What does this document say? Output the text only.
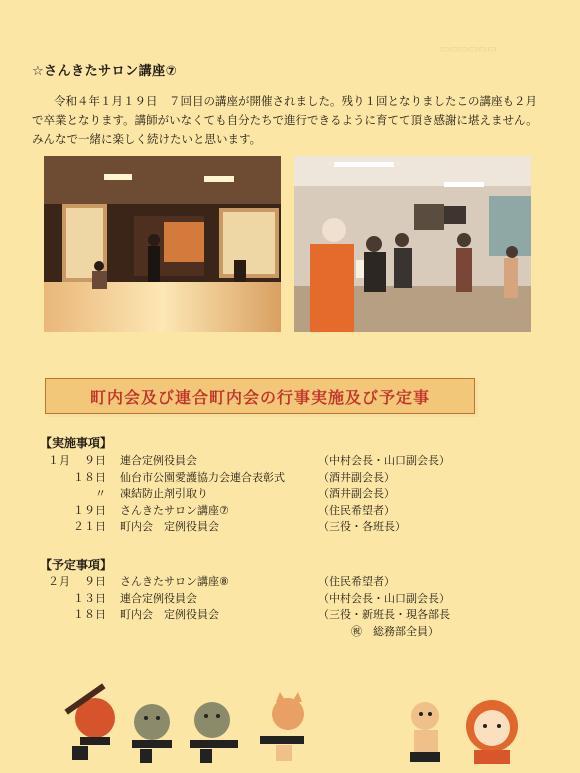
▭▭▭▭▭▭
☆さんきたサロン講座⑦

令和４年１月１９日　７回目の講座が開催されました。残り１回となりましたこの講座も２月で卒業となります。講師がいなくても自分たちで進行できるように育てて頂き感謝に堪えません。みんなで一緒に楽しく続けたいと思います。

町内会及び連合町内会の行事実施及び予定事
【実施事項】
１月	９日 連合定例役員会	（中村会長・山口副会長）
１８日 仙台市公園愛護協力会連合表彰式	（酒井副会長）
〃 凍結防止剤引取り	（酒井副会長）
１９日 さんきたサロン講座⑦	（住民希望者）
２１日 町内会　定例役員会	（三役・各班長）
【予定事項】
２月	９日 さんきたサロン講座⑧	（住民希望者）
１３日 連合定例役員会	（中村会長・山口副会長）
１８日 町内会　定例役員会	（三役・新班長・現各部長
　　　㊗　総務部全員）
